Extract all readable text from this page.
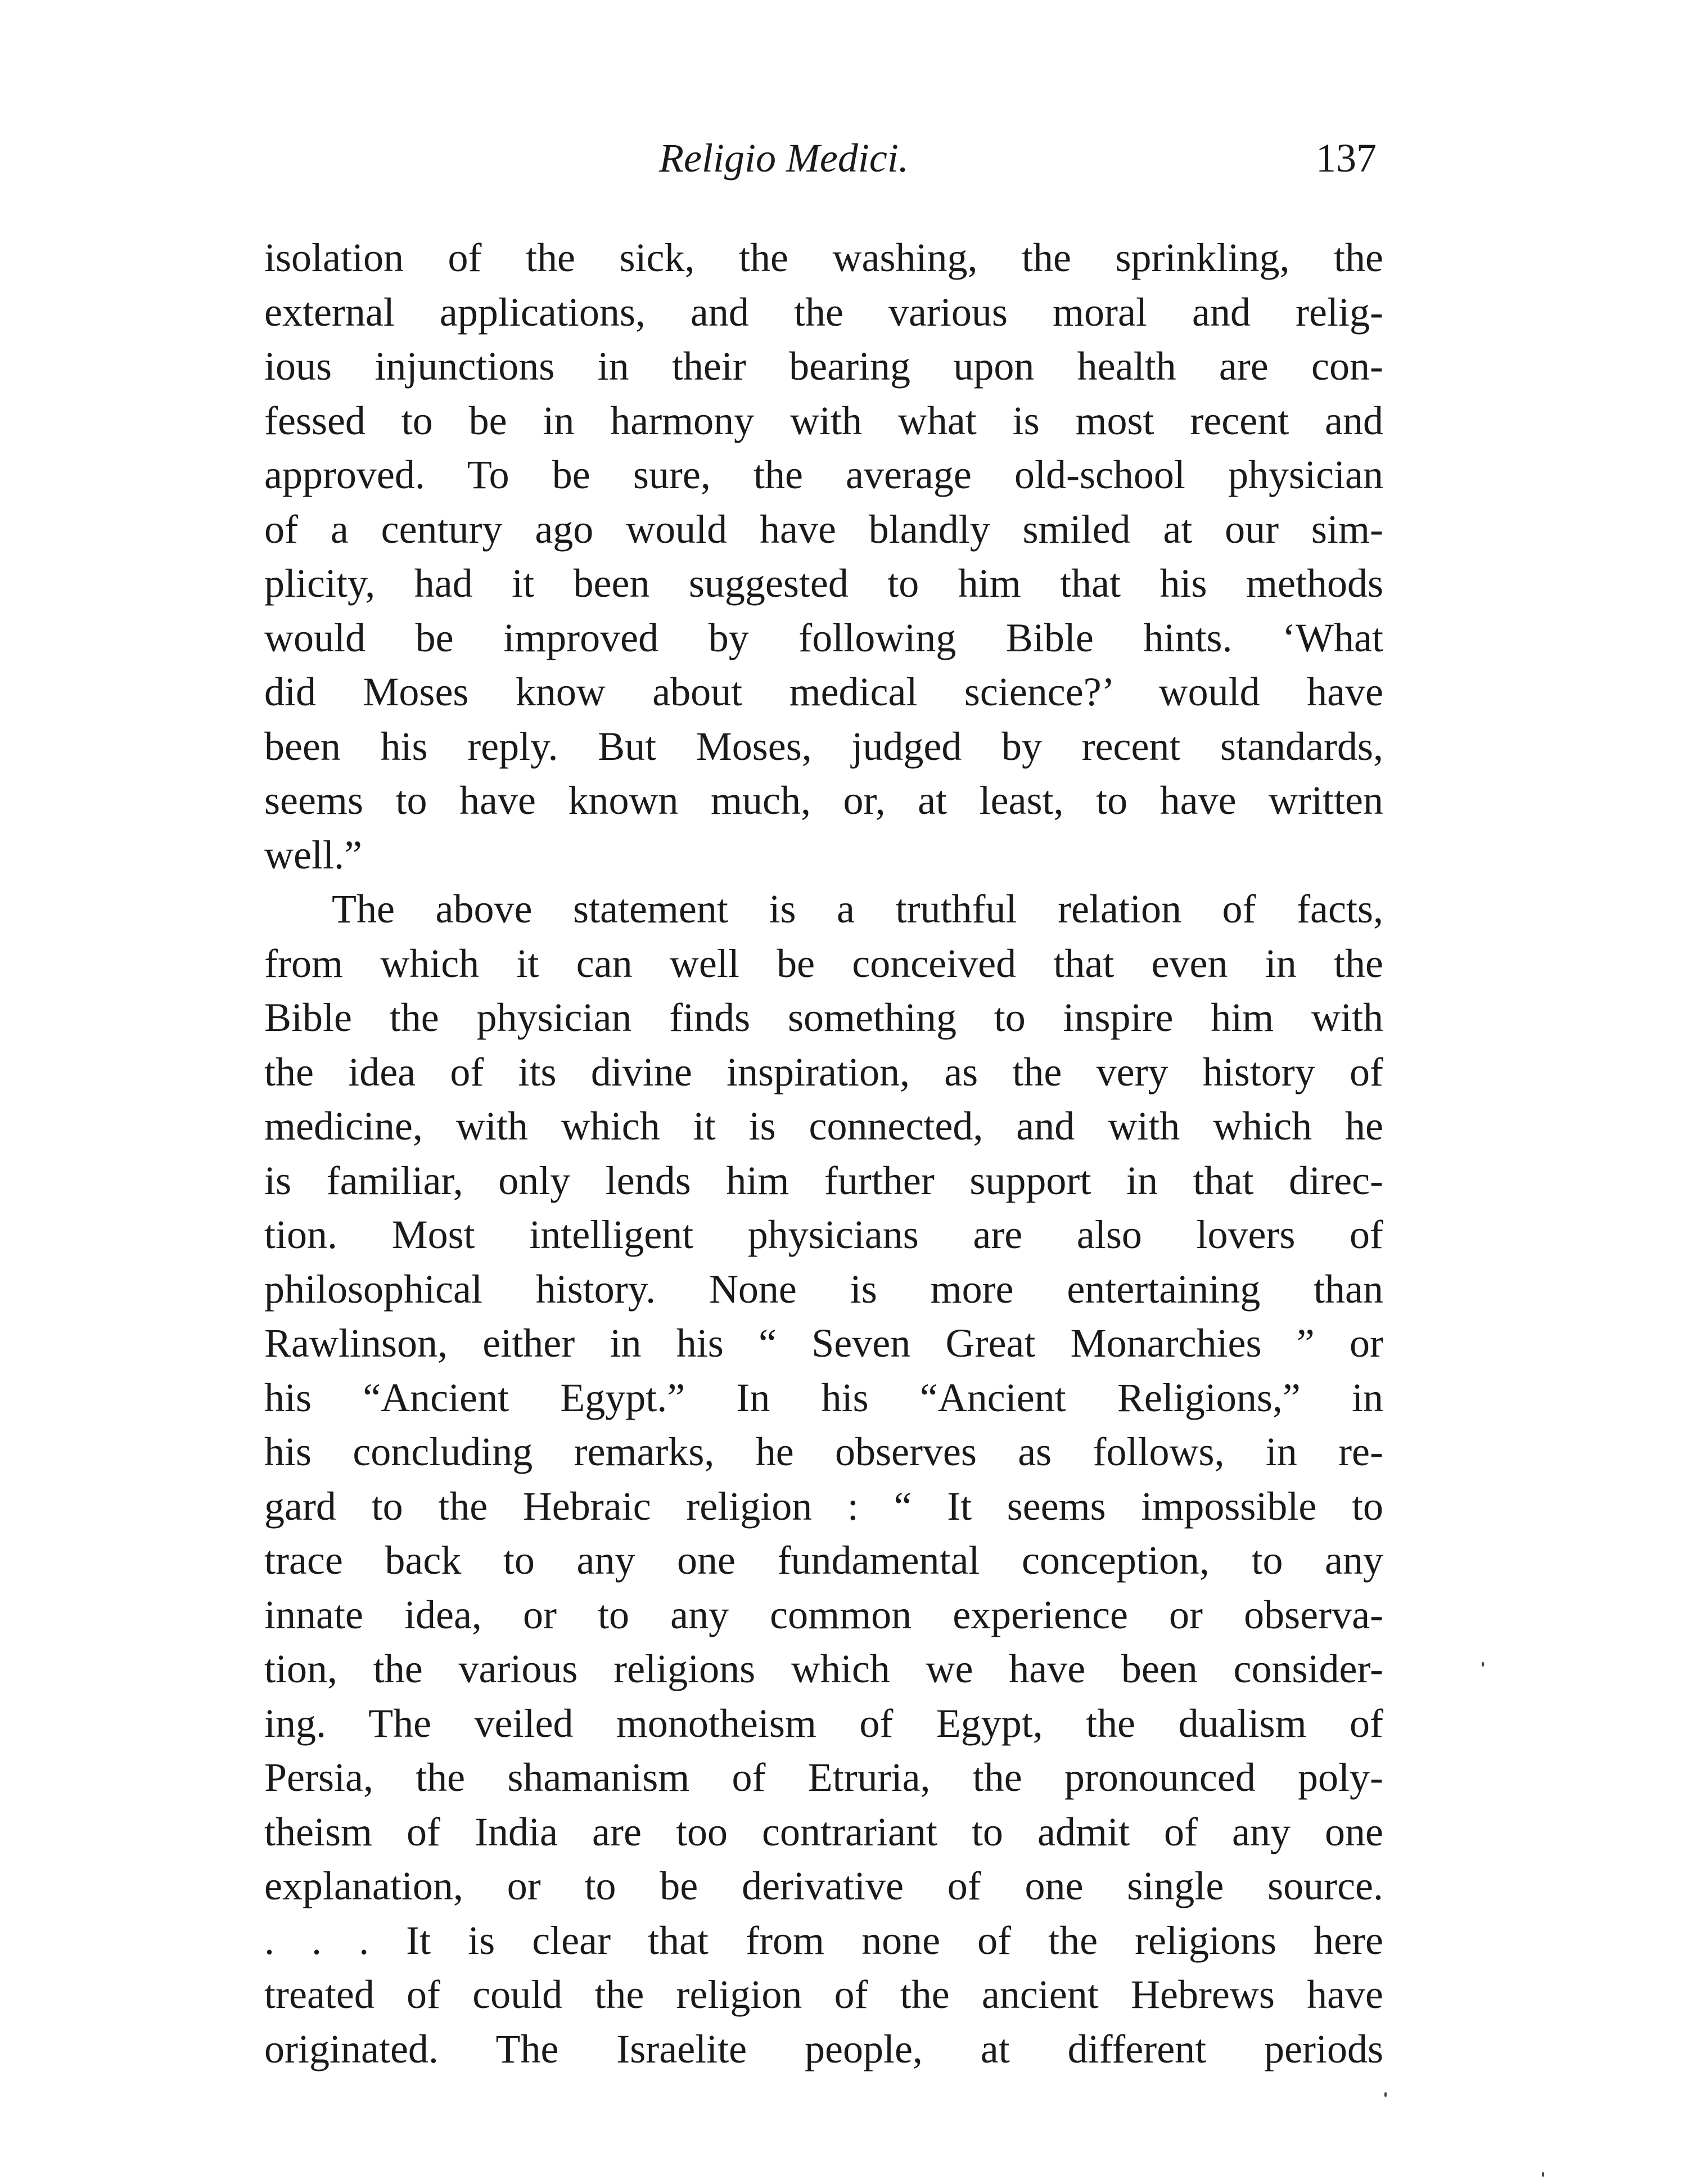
Religio Medici.	137
isolation of the sick, the washing, the sprinkling, the
external applications, and the various moral and relig-
ious injunctions in their bearing upon health are con-
fessed to be in harmony with what is most recent and
approved. To be sure, the average old-school physician
of a century ago would have blandly smiled at our sim-
plicity, had it been suggested to him that his methods
would be improved by following Bible hints. ‘What
did Moses know about medical science?’ would have
been his reply. But Moses, judged by recent standards,
seems to have known much, or, at least, to have written
well.”
The above statement is a truthful relation of facts,
from which it can well be conceived that even in the
Bible the physician finds something to inspire him with
the idea of its divine inspiration, as the very history of
medicine, with which it is connected, and with which he
is familiar, only lends him further support in that direc-
tion. Most intelligent physicians are also lovers of
philosophical history. None is more entertaining than
Rawlinson, either in his “ Seven Great Monarchies ” or
his “Ancient Egypt.” In his “Ancient Religions,” in
his concluding remarks, he observes as follows, in re-
gard to the Hebraic religion : “ It seems impossible to
trace back to any one fundamental conception, to any
innate idea, or to any common experience or observa-
tion, the various religions which we have been consider-
ing. The veiled monotheism of Egypt, the dualism of
Persia, the shamanism of Etruria, the pronounced poly-
theism of India are too contrariant to admit of any one
explanation, or to be derivative of one single source.
. . . It is clear that from none of the religions here
treated of could the religion of the ancient Hebrews have
originated. The Israelite people, at different periods
